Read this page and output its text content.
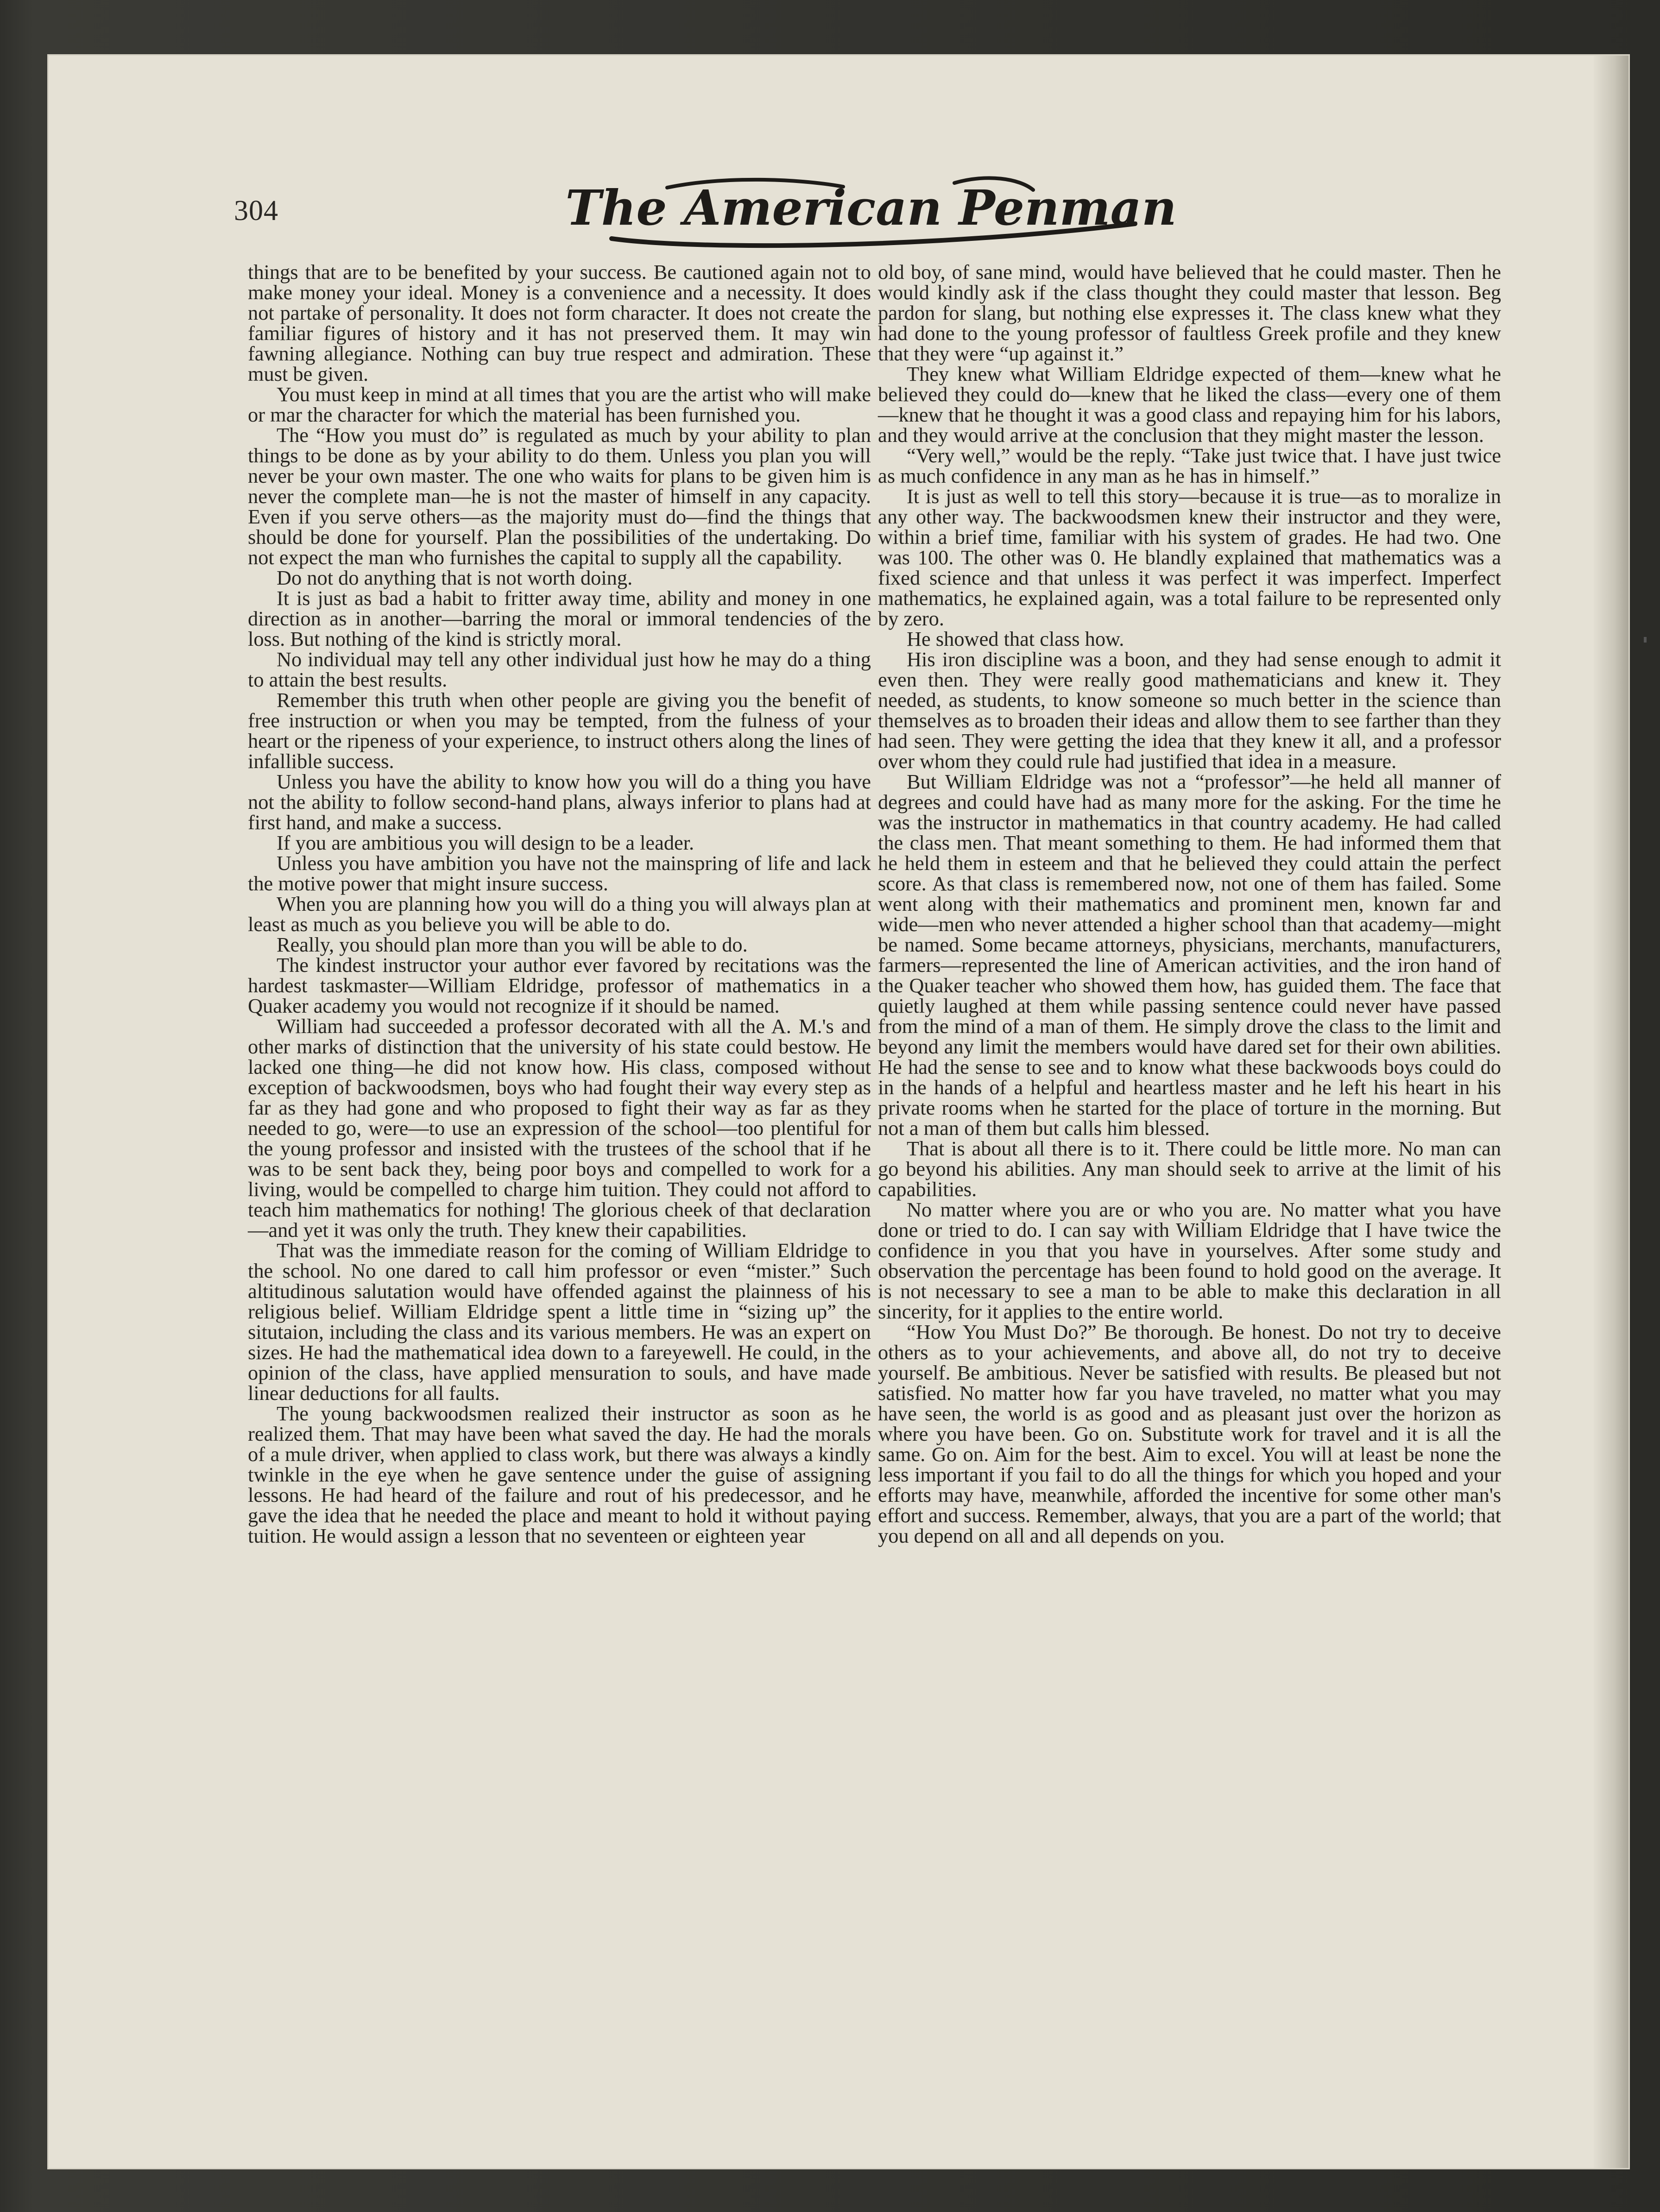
304	The American Penman

things that are to be benefited by your success. Be cautioned again not to make money your ideal. Money is a convenience and a necessity. It does not partake of personality. It does not form character. It does not create the familiar figures of history and it has not preserved them. It may win fawning allegiance. Nothing can buy true respect and admiration. These must be given.

You must keep in mind at all times that you are the artist who will make or mar the character for which the material has been furnished you.

The “How you must do” is regulated as much by your ability to plan things to be done as by your ability to do them. Unless you plan you will never be your own master. The one who waits for plans to be given him is never the complete man—he is not the master of himself in any capacity. Even if you serve others—as the majority must do—find the things that should be done for yourself. Plan the possibilities of the undertaking. Do not expect the man who furnishes the capital to supply all the capability.

Do not do anything that is not worth doing.

It is just as bad a habit to fritter away time, ability and money in one direction as in another—barring the moral or immoral tendencies of the loss. But nothing of the kind is strictly moral.

No individual may tell any other individual just how he may do a thing to attain the best results.

Remember this truth when other people are giving you the benefit of free instruction or when you may be tempted, from the fulness of your heart or the ripeness of your experience, to instruct others along the lines of infallible success.

Unless you have the ability to know how you will do a thing you have not the ability to follow second-hand plans, always inferior to plans had at first hand, and make a success.

If you are ambitious you will design to be a leader.

Unless you have ambition you have not the mainspring of life and lack the motive power that might insure success.

When you are planning how you will do a thing you will always plan at least as much as you believe you will be able to do.

Really, you should plan more than you will be able to do.

The kindest instructor your author ever favored by recitations was the hardest taskmaster—William Eldridge, professor of mathematics in a Quaker academy you would not recognize if it should be named.

William had succeeded a professor decorated with all the A. M.'s and other marks of distinction that the university of his state could bestow. He lacked one thing—he did not know how. His class, composed without exception of backwoodsmen, boys who had fought their way every step as far as they had gone and who proposed to fight their way as far as they needed to go, were—to use an expression of the school—too plentiful for the young professor and insisted with the trustees of the school that if he was to be sent back they, being poor boys and compelled to work for a living, would be compelled to charge him tuition. They could not afford to teach him mathematics for nothing! The glorious cheek of that declaration—and yet it was only the truth. They knew their capabilities.

That was the immediate reason for the coming of William Eldridge to the school. No one dared to call him professor or even “mister.” Such altitudinous salutation would have offended against the plainness of his religious belief. William Eldridge spent a little time in “sizing up” the situtaion, including the class and its various members. He was an expert on sizes. He had the mathematical idea down to a fareyewell. He could, in the opinion of the class, have applied mensuration to souls, and have made linear deductions for all faults.

The young backwoodsmen realized their instructor as soon as he realized them. That may have been what saved the day. He had the morals of a mule driver, when applied to class work, but there was always a kindly twinkle in the eye when he gave sentence under the guise of assigning lessons. He had heard of the failure and rout of his predecessor, and he gave the idea that he needed the place and meant to hold it without paying tuition. He would assign a lesson that no seventeen or eighteen year

old boy, of sane mind, would have believed that he could master. Then he would kindly ask if the class thought they could master that lesson. Beg pardon for slang, but nothing else expresses it. The class knew what they had done to the young professor of faultless Greek profile and they knew that they were “up against it.”

They knew what William Eldridge expected of them—knew what he believed they could do—knew that he liked the class—every one of them—knew that he thought it was a good class and repaying him for his labors, and they would arrive at the conclusion that they might master the lesson.

“Very well,” would be the reply. “Take just twice that. I have just twice as much confidence in any man as he has in himself.”

It is just as well to tell this story—because it is true—as to moralize in any other way. The backwoodsmen knew their instructor and they were, within a brief time, familiar with his system of grades. He had two. One was 100. The other was 0. He blandly explained that mathematics was a fixed science and that unless it was perfect it was imperfect. Imperfect mathematics, he explained again, was a total failure to be represented only by zero.

He showed that class how.

His iron discipline was a boon, and they had sense enough to admit it even then. They were really good mathematicians and knew it. They needed, as students, to know someone so much better in the science than themselves as to broaden their ideas and allow them to see farther than they had seen. They were getting the idea that they knew it all, and a professor over whom they could rule had justified that idea in a measure.

But William Eldridge was not a “professor”—he held all manner of degrees and could have had as many more for the asking. For the time he was the instructor in mathematics in that country academy. He had called the class men. That meant something to them. He had informed them that he held them in esteem and that he believed they could attain the perfect score. As that class is remembered now, not one of them has failed. Some went along with their mathematics and prominent men, known far and wide—men who never attended a higher school than that academy—might be named. Some became attorneys, physicians, merchants, manufacturers, farmers—represented the line of American activities, and the iron hand of the Quaker teacher who showed them how, has guided them. The face that quietly laughed at them while passing sentence could never have passed from the mind of a man of them. He simply drove the class to the limit and beyond any limit the members would have dared set for their own abilities. He had the sense to see and to know what these backwoods boys could do in the hands of a helpful and heartless master and he left his heart in his private rooms when he started for the place of torture in the morning. But not a man of them but calls him blessed.

That is about all there is to it. There could be little more. No man can go beyond his abilities. Any man should seek to arrive at the limit of his capabilities.

No matter where you are or who you are. No matter what you have done or tried to do. I can say with William Eldridge that I have twice the confidence in you that you have in yourselves. After some study and observation the percentage has been found to hold good on the average. It is not necessary to see a man to be able to make this declaration in all sincerity, for it applies to the entire world.

“How You Must Do?” Be thorough. Be honest. Do not try to deceive others as to your achievements, and above all, do not try to deceive yourself. Be ambitious. Never be satisfied with results. Be pleased but not satisfied. No matter how far you have traveled, no matter what you may have seen, the world is as good and as pleasant just over the horizon as where you have been. Go on. Substitute work for travel and it is all the same. Go on. Aim for the best. Aim to excel. You will at least be none the less important if you fail to do all the things for which you hoped and your efforts may have, meanwhile, afforded the incentive for some other man's effort and success. Remember, always, that you are a part of the world; that you depend on all and all depends on you.
